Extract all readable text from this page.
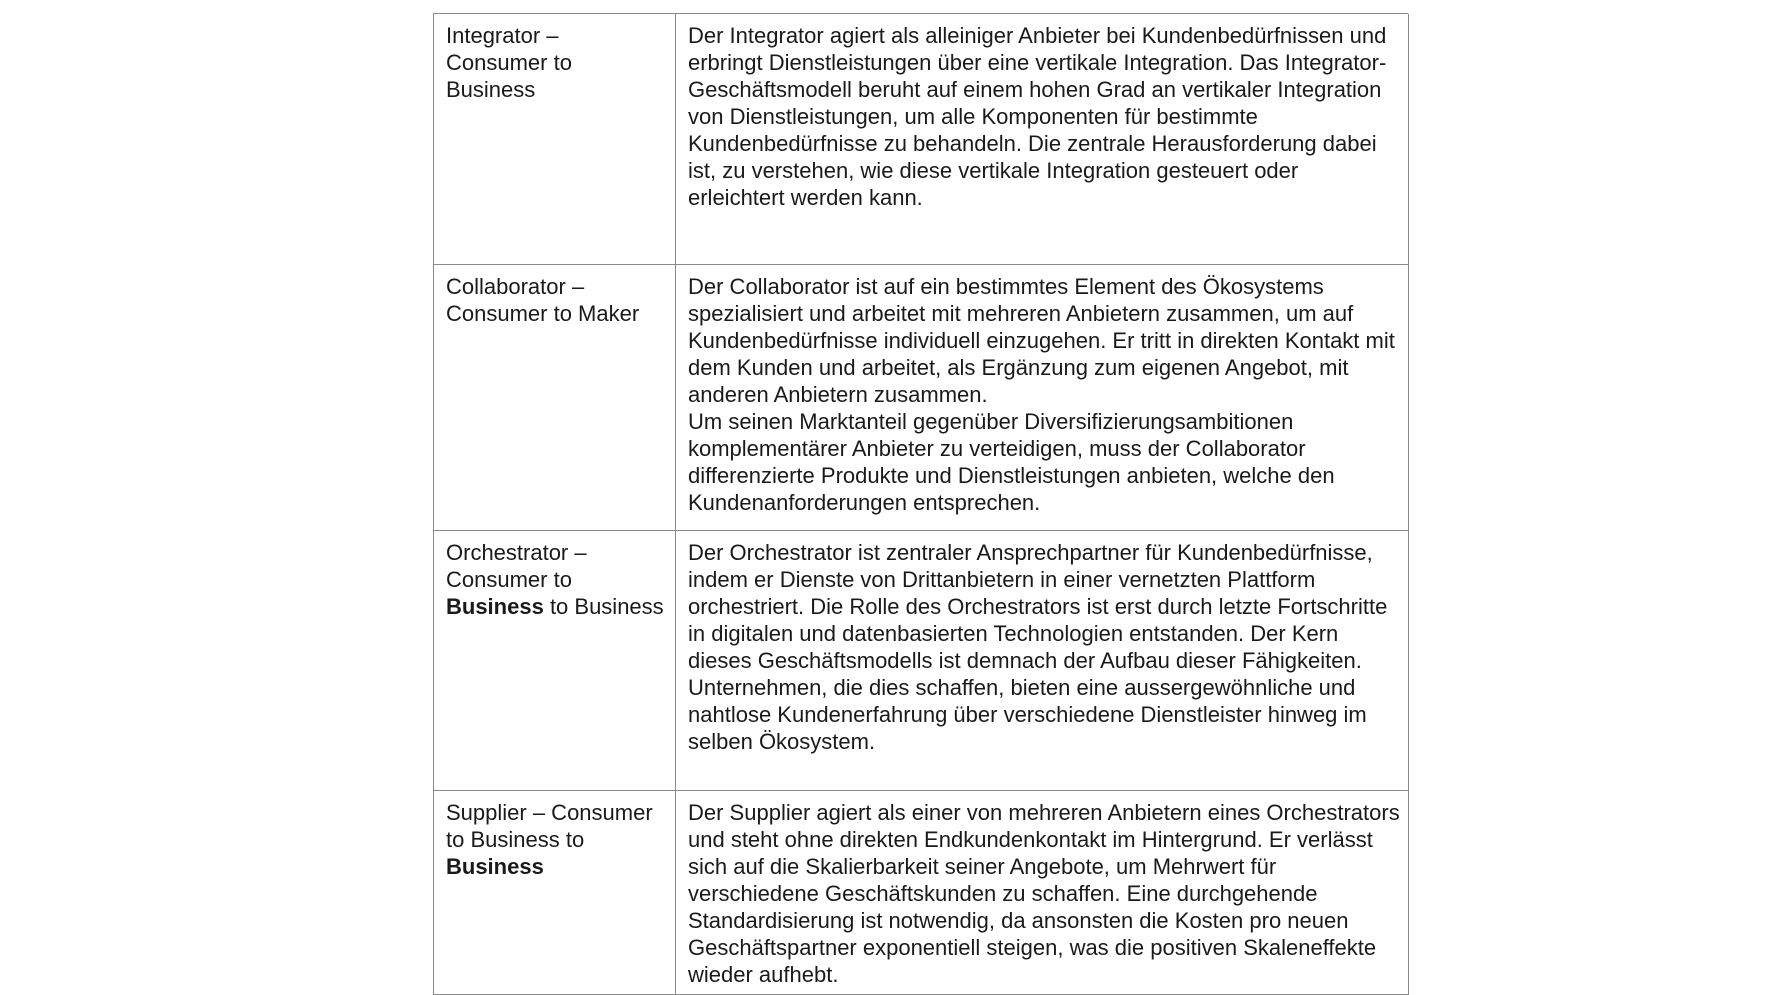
Integrator –
Consumer to
Business
Der Integrator agiert als alleiniger Anbieter bei Kundenbedürfnissen und erbringt Dienstleistungen über eine vertikale Integration. Das Integrator-Geschäftsmodell beruht auf einem hohen Grad an vertikaler Integration von Dienstleistungen, um alle Komponenten für bestimmte Kundenbedürfnisse zu behandeln. Die zentrale Herausforderung dabei ist, zu verstehen, wie diese vertikale Integration gesteuert oder erleichtert werden kann.
Collaborator –
Consumer to Maker
Der Collaborator ist auf ein bestimmtes Element des Ökosystems spezialisiert und arbeitet mit mehreren Anbietern zusammen, um auf Kundenbedürfnisse individuell einzugehen. Er tritt in direkten Kontakt mit dem Kunden und arbeitet, als Ergänzung zum eigenen Angebot, mit anderen Anbietern zusammen.
Um seinen Marktanteil gegenüber Diversifizierungsambitionen komplementärer Anbieter zu verteidigen, muss der Collaborator differenzierte Produkte und Dienstleistungen anbieten, welche den Kundenanforderungen entsprechen.
Orchestrator –
Consumer to
Business to Business
Der Orchestrator ist zentraler Ansprechpartner für Kundenbedürfnisse, indem er Dienste von Drittanbietern in einer vernetzten Plattform orchestriert. Die Rolle des Orchestrators ist erst durch letzte Fortschritte in digitalen und datenbasierten Technologien entstanden. Der Kern dieses Geschäftsmodells ist demnach der Aufbau dieser Fähigkeiten. Unternehmen, die dies schaffen, bieten eine aussergewöhnliche und nahtlose Kundenerfahrung über verschiedene Dienstleister hinweg im selben Ökosystem.
Supplier – Consumer
to Business to
Business
Der Supplier agiert als einer von mehreren Anbietern eines Orchestrators und steht ohne direkten Endkundenkontakt im Hintergrund. Er verlässt sich auf die Skalierbarkeit seiner Angebote, um Mehrwert für verschiedene Geschäftskunden zu schaffen. Eine durchgehende Standardisierung ist notwendig, da ansonsten die Kosten pro neuen Geschäftspartner exponentiell steigen, was die positiven Skaleneffekte wieder aufhebt.
